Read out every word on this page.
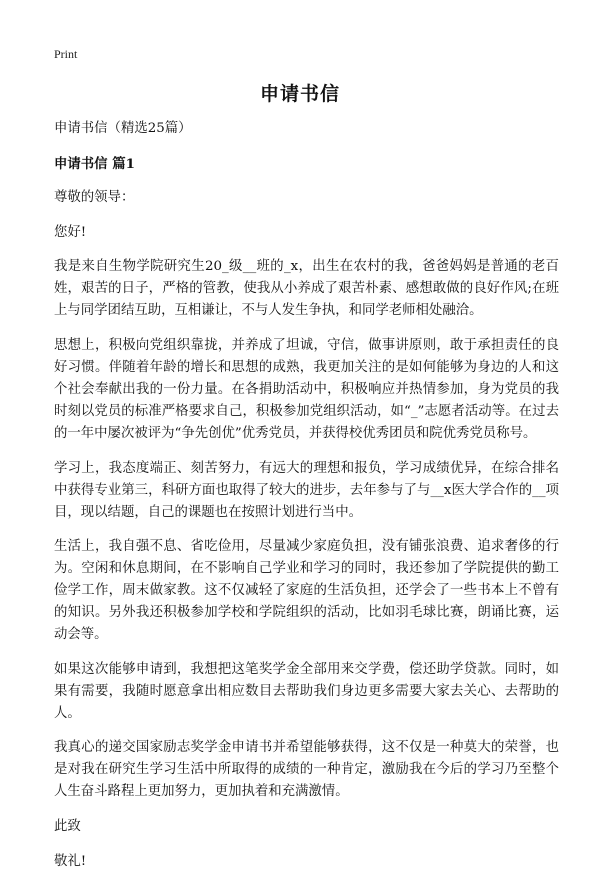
Print
申请书信

申请书信（精选25篇）

申请书信 篇1

尊敬的领导：

您好!

我是来自生物学院研究生20_级__班的_x，出生在农村的我，爸爸妈妈是普通的老百姓，艰苦的日子，严格的管教，使我从小养成了艰苦朴素、感想敢做的良好作风;在班上与同学团结互助，互相谦让，不与人发生争执，和同学老师相处融洽。

思想上，积极向党组织靠拢，并养成了坦诚，守信，做事讲原则，敢于承担责任的良好习惯。伴随着年龄的增长和思想的成熟，我更加关注的是如何能够为身边的人和这个社会奉献出我的一份力量。在各捐助活动中，积极响应并热情参加，身为党员的我时刻以党员的标准严格要求自己，积极参加党组织活动，如“_”志愿者活动等。在过去的一年中屡次被评为“争先创优”优秀党员，并获得校优秀团员和院优秀党员称号。

学习上，我态度端正、刻苦努力，有远大的理想和报负，学习成绩优异，在综合排名中获得专业第三，科研方面也取得了较大的进步，去年参与了与__x医大学合作的__项目，现以结题，自己的课题也在按照计划进行当中。

生活上，我自强不息、省吃俭用，尽量减少家庭负担，没有铺张浪费、追求奢侈的行为。空闲和休息期间，在不影响自己学业和学习的同时，我还参加了学院提供的勤工俭学工作，周末做家教。这不仅减轻了家庭的生活负担，还学会了一些书本上不曾有的知识。另外我还积极参加学校和学院组织的活动，比如羽毛球比赛，朗诵比赛，运动会等。

如果这次能够申请到，我想把这笔奖学金全部用来交学费，偿还助学贷款。同时，如果有需要，我随时愿意拿出相应数目去帮助我们身边更多需要大家去关心、去帮助的人。

我真心的递交国家励志奖学金申请书并希望能够获得，这不仅是一种莫大的荣誉，也是对我在研究生学习生活中所取得的成绩的一种肯定，激励我在今后的学习乃至整个人生奋斗路程上更加努力，更加执着和充满激情。

此致

敬礼!
